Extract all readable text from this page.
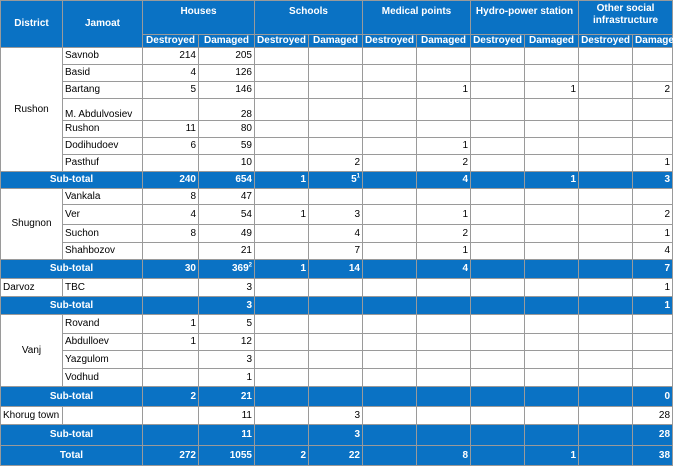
District	Jamoat	Houses		Schools		Medical points		Hydro-power station		Other social
infrastructure	
		Destroyed	Damaged	Destroyed	Damaged	Destroyed	Damaged	Destroyed	Damaged	Destroyed	Damaged
Rushon	Savnob	214	205								
	Basid	4	126								
	Bartang	5	146				1		1		2
	M. Abdulvosiev		28								
	Rushon	11	80								
	Dodihudoev	6	59				1				
	Pasthuf		10		2		2				1
Sub-total		240	654	1	$5^1$		4		1		3
Shugnon	Vankala	8	47								
	Ver	4	54	1	3		1				2
	Suchon	8	49		4		2				1
	Shahbozov		21		7		1				4
Sub-total		30	$369^2$	1	14		4				7
Darvoz	TBC		3								1
Sub-total			3								1
Vanj	Rovand	1	5								
	Abdulloev	1	12								
	Yazgulom		3								
	Vodhud		1								
Sub-total		2	21								0
Khorug town			11		3						28
Sub-total			11		3						28
Total		272	1055	2	22		8		1		38
